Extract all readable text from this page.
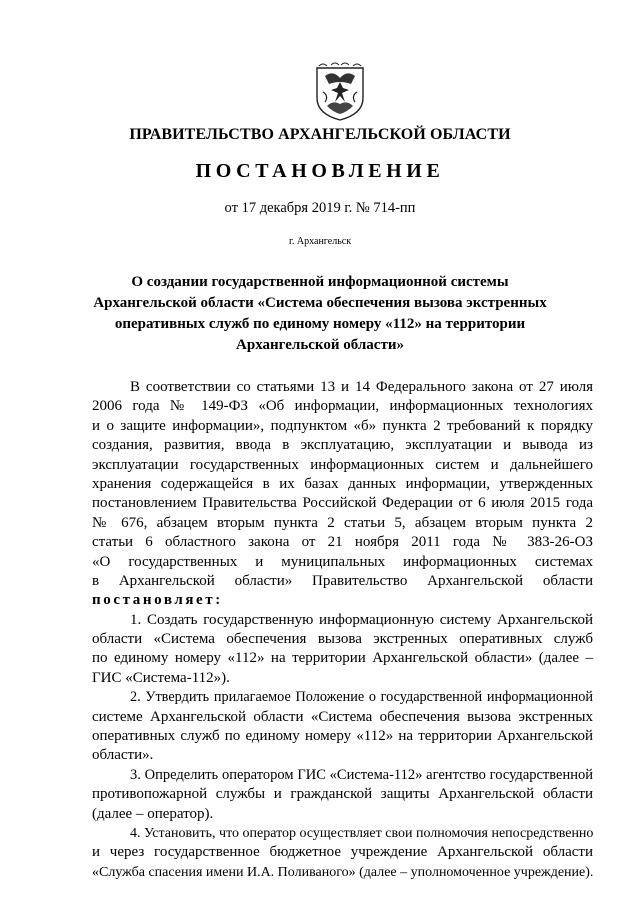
ПРАВИТЕЛЬСТВО АРХАНГЕЛЬСКОЙ ОБЛАСТИ
ПОСТАНОВЛЕНИЕ
от 17 декабря 2019 г. № 714-пп
г. Архангельск
О создании государственной информационной системы
Архангельской области «Система обеспечения вызова экстренных
оперативных служб по единому номеру «112» на территории
Архангельской области»
В соответствии со статьями 13 и 14 Федерального закона от 27 июля
2006 года № 149-ФЗ «Об информации, информационных технологиях
и о защите информации», подпунктом «б» пункта 2 требований к порядку
создания, развития, ввода в эксплуатацию, эксплуатации и вывода из
эксплуатации государственных информационных систем и дальнейшего
хранения содержащейся в их базах данных информации, утвержденных
постановлением Правительства Российской Федерации от 6 июля 2015 года
№ 676, абзацем вторым пункта 2 статьи 5, абзацем вторым пункта 2
статьи 6 областного закона от 21 ноября 2011 года № 383-26-ОЗ
«О государственных и муниципальных информационных системах
в Архангельской области» Правительство Архангельской области
постановляет:
1. Создать государственную информационную систему Архангельской
области «Система обеспечения вызова экстренных оперативных служб
по единому номеру «112» на территории Архангельской области» (далее –
ГИС «Система-112»).
2. Утвердить прилагаемое Положение о государственной информационной
системе Архангельской области «Система обеспечения вызова экстренных
оперативных служб по единому номеру «112» на территории Архангельской
области».
3. Определить оператором ГИС «Система-112» агентство государственной
противопожарной службы и гражданской защиты Архангельской области
(далее – оператор).
4. Установить, что оператор осуществляет свои полномочия непосредственно
и через государственное бюджетное учреждение Архангельской области
«Служба спасения имени И.А. Поливаного» (далее – уполномоченное учреждение).
